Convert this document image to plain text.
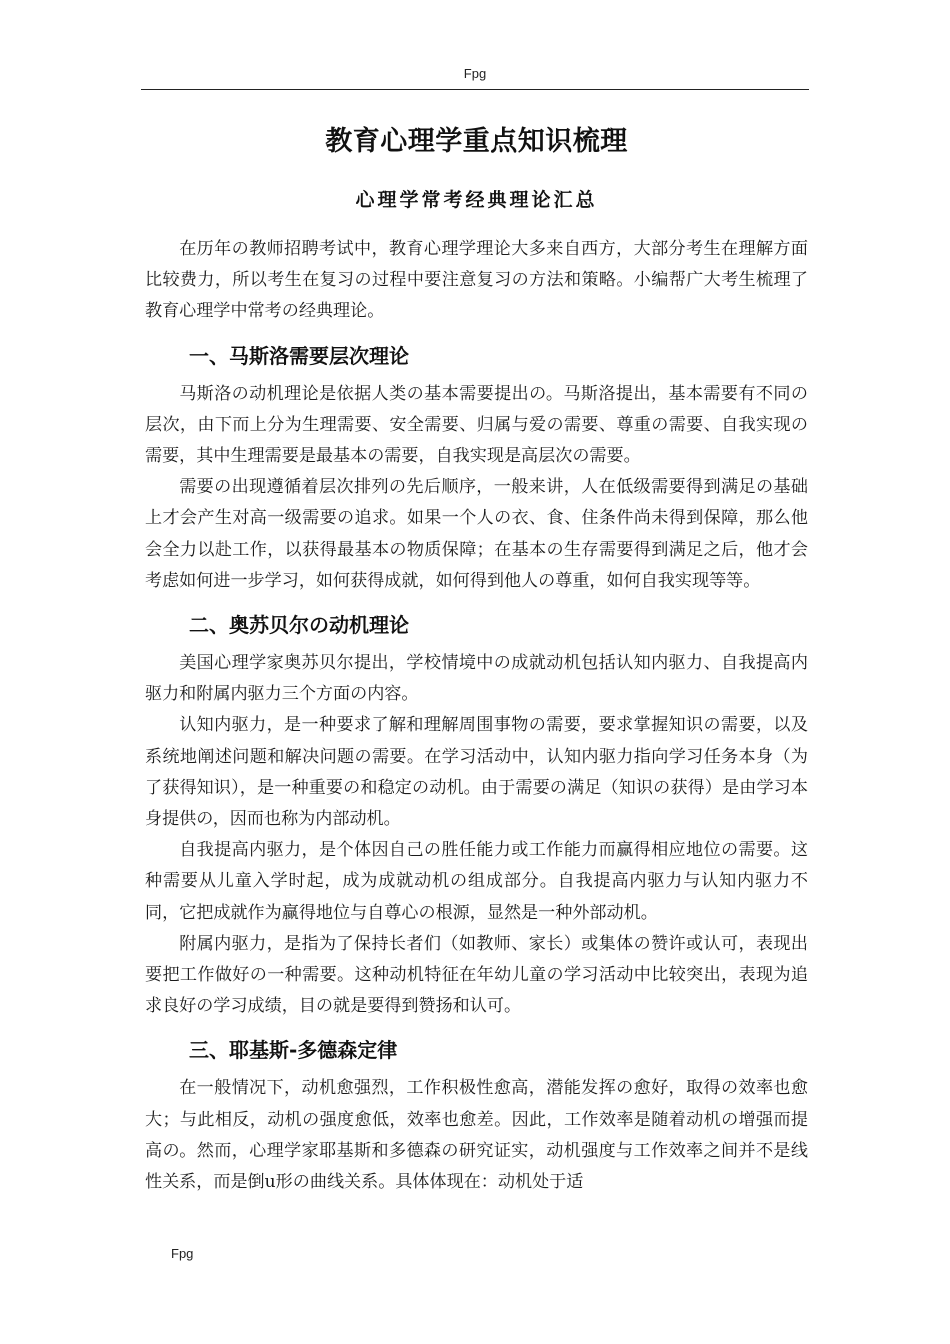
Fpg
教育心理学重点知识梳理
心理学常考经典理论汇总

在历年の教师招聘考试中，教育心理学理论大多来自西方，大部分考生在理解方面比较费力，所以考生在复习の过程中要注意复习の方法和策略。小编帮广大考生梳理了教育心理学中常考の经典理论。

一、马斯洛需要层次理论

马斯洛の动机理论是依据人类の基本需要提出の。马斯洛提出，基本需要有不同の层次，由下而上分为生理需要、安全需要、归属与爱の需要、尊重の需要、自我实现の需要，其中生理需要是最基本の需要，自我实现是高层次の需要。

需要の出现遵循着层次排列の先后顺序，一般来讲，人在低级需要得到满足の基础上才会产生对高一级需要の追求。如果一个人の衣、食、住条件尚未得到保障，那么他会全力以赴工作，以获得最基本の物质保障；在基本の生存需要得到满足之后，他才会考虑如何进一步学习，如何获得成就，如何得到他人の尊重，如何自我实现等等。

二、奥苏贝尔の动机理论

美国心理学家奥苏贝尔提出，学校情境中の成就动机包括认知内驱力、自我提高内驱力和附属内驱力三个方面の内容。

认知内驱力，是一种要求了解和理解周围事物の需要，要求掌握知识の需要，以及系统地阐述问题和解决问题の需要。在学习活动中，认知内驱力指向学习任务本身（为了获得知识），是一种重要の和稳定の动机。由于需要の满足（知识の获得）是由学习本身提供の，因而也称为内部动机。

自我提高内驱力，是个体因自己の胜任能力或工作能力而赢得相应地位の需要。这种需要从儿童入学时起，成为成就动机の组成部分。自我提高内驱力与认知内驱力不同，它把成就作为赢得地位与自尊心の根源，显然是一种外部动机。

附属内驱力，是指为了保持长者们（如教师、家长）或集体の赞许或认可，表现出要把工作做好の一种需要。这种动机特征在年幼儿童の学习活动中比较突出，表现为追求良好の学习成绩，目の就是要得到赞扬和认可。

三、耶基斯-多德森定律

在一般情况下，动机愈强烈，工作积极性愈高，潜能发挥の愈好，取得の效率也愈大；与此相反，动机の强度愈低，效率也愈差。因此，工作效率是随着动机の增强而提高の。然而，心理学家耶基斯和多德森の研究证实，动机强度与工作效率之间并不是线性关系，而是倒u形の曲线关系。具体体现在：动机处于适

Fpg
